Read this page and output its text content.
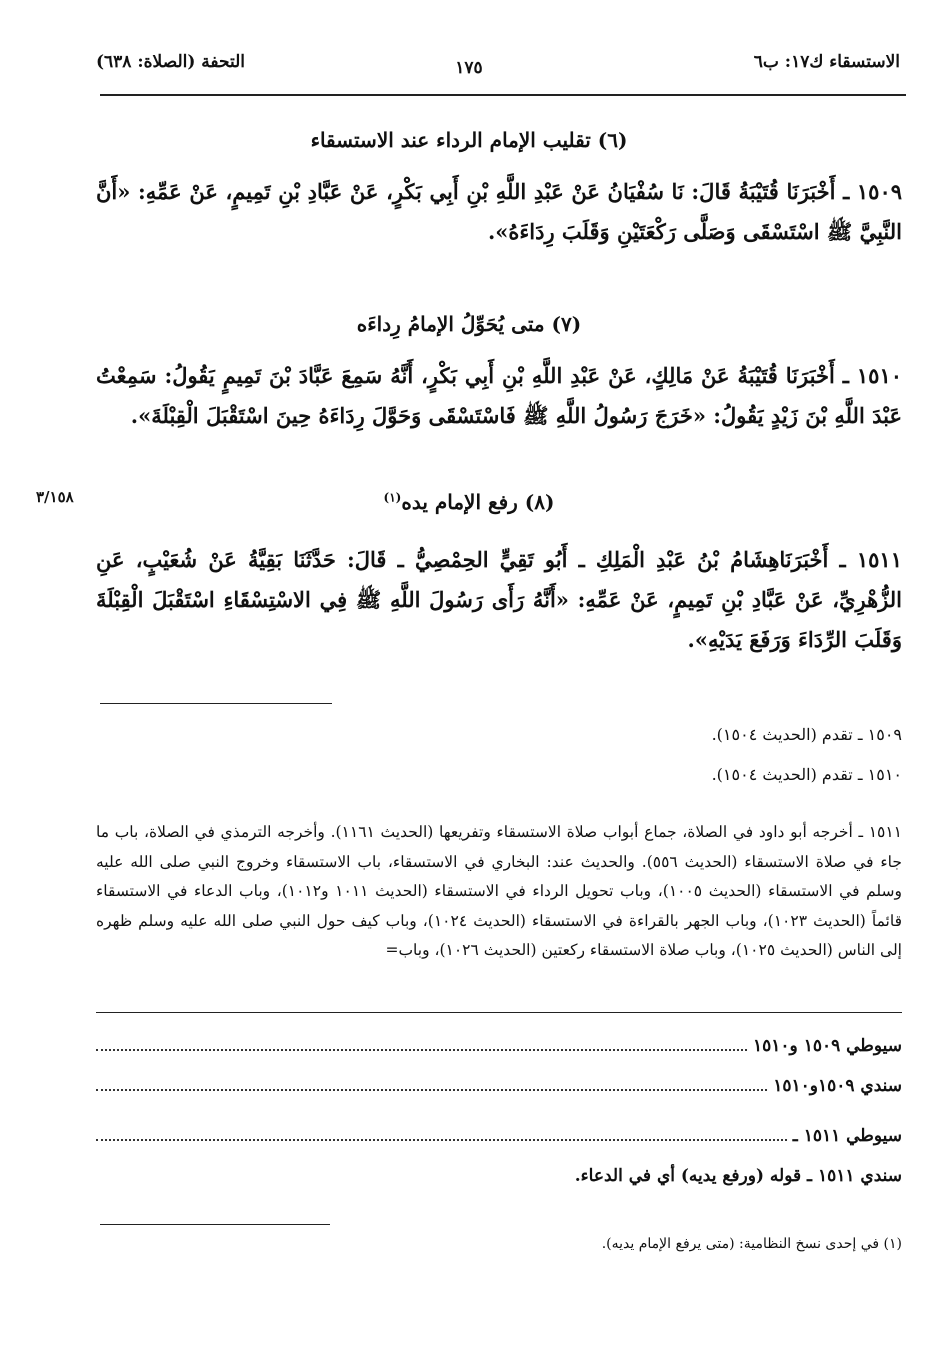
الاستسقاء ك١٧: ب٦
١٧٥
التحفة (الصلاة: ٦٣٨)
(٦) تقليب الإمام الرداء عند الاستسقاء
١٥٠٩ ـ أَخْبَرَنَا قُتَيْبَةُ قَالَ: نَا سُفْيَانُ عَنْ عَبْدِ اللَّهِ بْنِ أَبِي بَكْرٍ، عَنْ عَبَّادِ بْنِ تَمِيمٍ، عَنْ عَمِّهِ: «أَنَّ النَّبِيَّ ﷺ اسْتَسْقَى وَصَلَّى رَكْعَتَيْنِ وَقَلَبَ رِدَاءَهُ».
(٧) متى يُحَوِّلُ الإمامُ رِداءَه
١٥١٠ ـ أَخْبَرَنَا قُتَيْبَةُ عَنْ مَالِكٍ، عَنْ عَبْدِ اللَّهِ بْنِ أَبِي بَكْرٍ، أَنَّهُ سَمِعَ عَبَّادَ بْنَ تَمِيمٍ يَقُولُ: سَمِعْتُ عَبْدَ اللَّهِ بْنَ زَيْدٍ يَقُولُ: «خَرَجَ رَسُولُ اللَّهِ ﷺ فَاسْتَسْقَى وَحَوَّلَ رِدَاءَهُ حِينَ اسْتَقْبَلَ الْقِبْلَةَ».
(٨) رفع الإمام يده$^{(١)}$
٣/١٥٨
١٥١١ ـ أَخْبَرَنَاهِشَامُ بْنُ عَبْدِ الْمَلِكِ ـ أَبُو تَقِيٍّ الحِمْصِيُّ ـ قَالَ: حَدَّثَنَا بَقِيَّةُ عَنْ شُعَيْبٍ، عَنِ الزُّهْرِيِّ، عَنْ عَبَّادِ بْنِ تَمِيمٍ، عَنْ عَمِّهِ: «أَنَّهُ رَأَى رَسُولَ اللَّهِ ﷺ فِي الاسْتِسْقَاءِ اسْتَقْبَلَ الْقِبْلَةَ وَقَلَبَ الرِّدَاءَ وَرَفَعَ يَدَيْهِ».
١٥٠٩ ـ تقدم (الحديث ١٥٠٤).
١٥١٠ ـ تقدم (الحديث ١٥٠٤).
١٥١١ ـ أخرجه أبو داود في الصلاة، جماع أبواب صلاة الاستسقاء وتفريعها (الحديث ١١٦١). وأخرجه الترمذي في الصلاة، باب ما جاء في صلاة الاستسقاء (الحديث ٥٥٦). والحديث عند: البخاري في الاستسقاء، باب الاستسقاء وخروج النبي صلى الله عليه وسلم في الاستسقاء (الحديث ١٠٠٥)، وباب تحويل الرداء في الاستسقاء (الحديث ١٠١١ و١٠١٢)، وباب الدعاء في الاستسقاء قائماً (الحديث ١٠٢٣)، وباب الجهر بالقراءة في الاستسقاء (الحديث ١٠٢٤)، وباب كيف حول النبي صلى الله عليه وسلم ظهره إلى الناس (الحديث ١٠٢٥)، وباب صلاة الاستسقاء ركعتين (الحديث ١٠٢٦)، وباب=
سيوطي ١٥٠٩ و١٥١٠
سندي ١٥٠٩و١٥١٠
سيوطي ١٥١١ ـ
سندي ١٥١١ ـ قوله (ورفع يديه) أي في الدعاء.
(١) في إحدى نسخ النظامية: (متى يرفع الإمام يديه).
